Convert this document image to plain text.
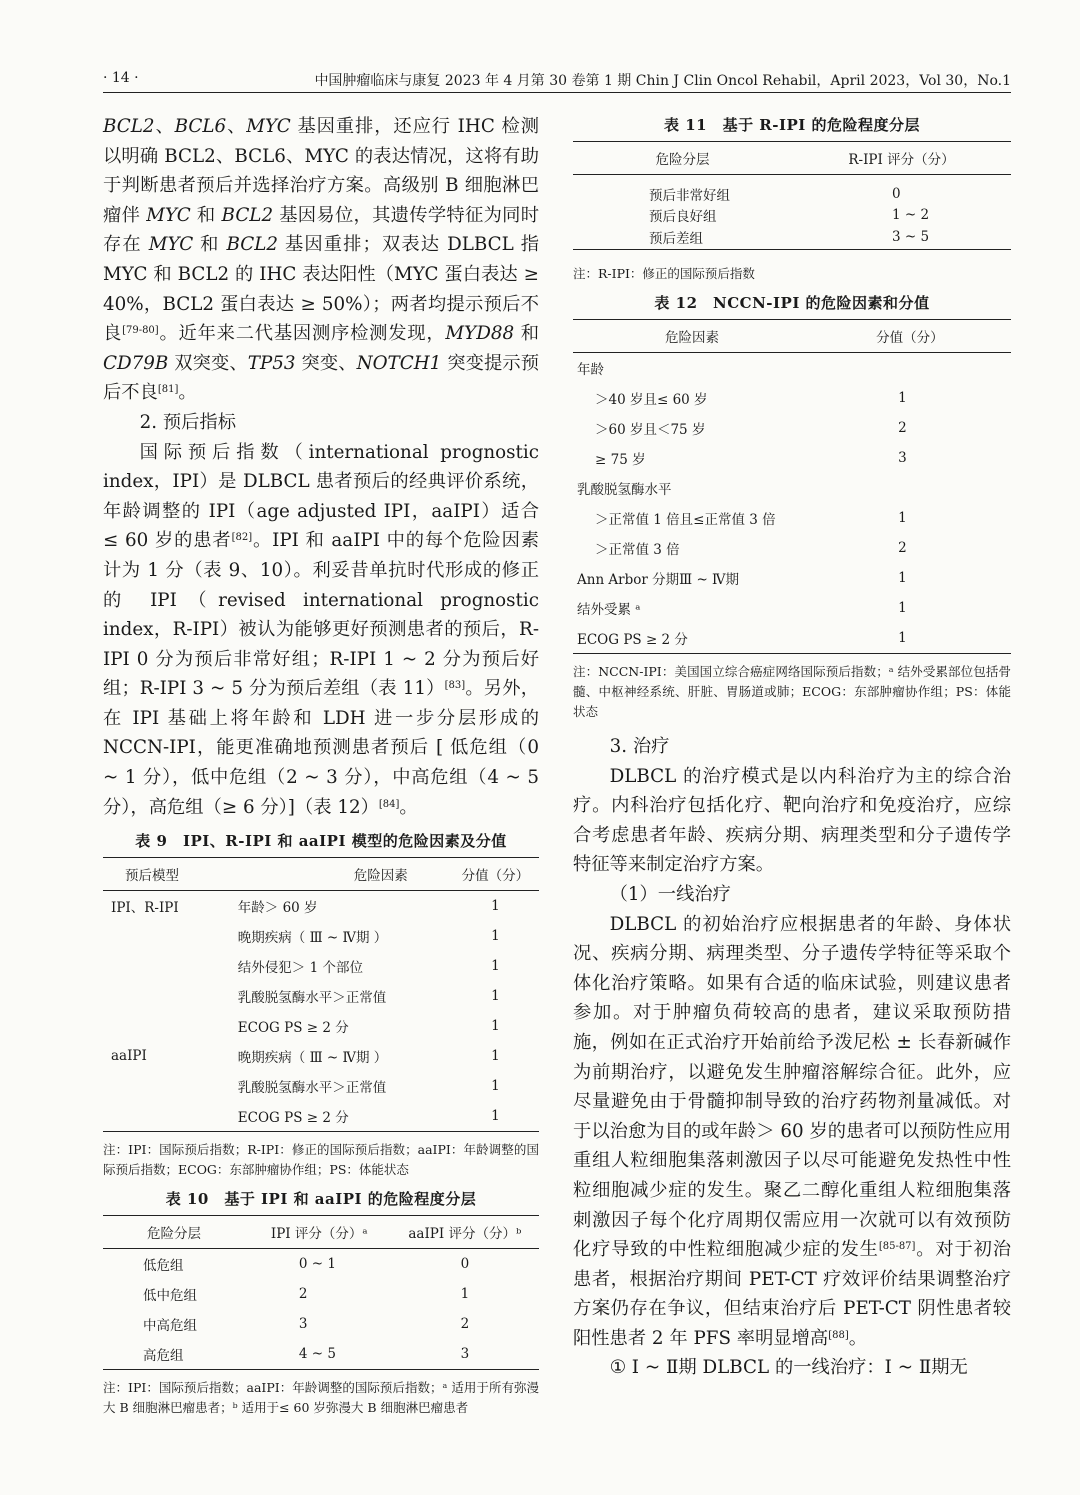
· 14 ·	中国肿瘤临床与康复 2023 年 4 月第 30 卷第 1 期 Chin J Clin Oncol Rehabil，April 2023，Vol 30，No.1

BCL2、BCL6、MYC 基因重排，还应行 IHC 检测以明确 BCL2、BCL6、MYC 的表达情况，这将有助于判断患者预后并选择治疗方案。高级别 B 细胞淋巴瘤伴 MYC 和 BCL2 基因易位，其遗传学特征为同时存在 MYC 和 BCL2 基因重排；双表达 DLBCL 指 MYC 和 BCL2 的 IHC 表达阳性（MYC 蛋白表达 ≥ 40%，BCL2 蛋白表达 ≥ 50%）；两者均提示预后不良[79-80]。近年来二代基因测序检测发现，MYD88 和 CD79B 双突变、TP53 突变、NOTCH1 突变提示预后不良[81]。

2. 预后指标

国际预后指数（international prognostic index，IPI）是 DLBCL 患者预后的经典评价系统，年龄调整的 IPI（age adjusted IPI，aaIPI）适合 ≤ 60 岁的患者[82]。IPI 和 aaIPI 中的每个危险因素计为 1 分（表 9、10）。利妥昔单抗时代形成的修正的 IPI（revised international prognostic index，R-IPI）被认为能够更好预测患者的预后，R-IPI 0 分为预后非常好组；R-IPI 1 ~ 2 分为预后好组；R-IPI 3 ~ 5 分为预后差组（表 11）[83]。另外，在 IPI 基础上将年龄和 LDH 进一步分层形成的 NCCN-IPI，能更准确地预测患者预后 [ 低危组（0 ~ 1 分），低中危组（2 ~ 3 分），中高危组（4 ~ 5 分），高危组（≥ 6 分）]（表 12）[84]。

表 9　IPI、R-IPI 和 aaIPI 模型的危险因素及分值
预后模型	危险因素	分值（分）
IPI、R-IPI	年龄＞ 60 岁	1
	晚期疾病（ Ⅲ ~ Ⅳ期 ）	1
	结外侵犯＞ 1 个部位	1
	乳酸脱氢酶水平＞正常值	1
	ECOG PS ≥ 2 分	1
aaIPI	晚期疾病（ Ⅲ ~ Ⅳ期 ）	1
	乳酸脱氢酶水平＞正常值	1
	ECOG PS ≥ 2 分	1
注：IPI：国际预后指数；R-IPI：修正的国际预后指数；aaIPI：年龄调整的国际预后指数；ECOG：东部肿瘤协作组；PS：体能状态
表 10　基于 IPI 和 aaIPI 的危险程度分层
危险分层	IPI 评分（分）ᵃ	aaIPI 评分（分）ᵇ
低危组	0 ~ 1	0
低中危组	2	1
中高危组	3	2
高危组	4 ~ 5	3
注：IPI：国际预后指数；aaIPI：年龄调整的国际预后指数；ᵃ 适用于所有弥漫大 B 细胞淋巴瘤患者；ᵇ 适用于≤ 60 岁弥漫大 B 细胞淋巴瘤患者
表 11　基于 R-IPI 的危险程度分层
危险分层	R-IPI 评分（分）
预后非常好组	0
预后良好组	1 ~ 2
预后差组	3 ~ 5
注：R-IPI：修正的国际预后指数
表 12　NCCN-IPI 的危险因素和分值
危险因素	分值（分）
年龄	
＞40 岁且≤ 60 岁	1
＞60 岁且＜75 岁	2
≥ 75 岁	3
乳酸脱氢酶水平	
＞正常值 1 倍且≤正常值 3 倍	1
＞正常值 3 倍	2
Ann Arbor 分期Ⅲ ~ Ⅳ期	1
结外受累 ᵃ	1
ECOG PS ≥ 2 分	1
注：NCCN-IPI：美国国立综合癌症网络国际预后指数；ᵃ 结外受累部位包括骨髓、中枢神经系统、肝脏、胃肠道或肺；ECOG：东部肿瘤协作组；PS：体能状态

3. 治疗

DLBCL 的治疗模式是以内科治疗为主的综合治疗。内科治疗包括化疗、靶向治疗和免疫治疗，应综合考虑患者年龄、疾病分期、病理类型和分子遗传学特征等来制定治疗方案。

（1）一线治疗

DLBCL 的初始治疗应根据患者的年龄、身体状况、疾病分期、病理类型、分子遗传学特征等采取个体化治疗策略。如果有合适的临床试验，则建议患者参加。对于肿瘤负荷较高的患者，建议采取预防措施，例如在正式治疗开始前给予泼尼松 ± 长春新碱作为前期治疗，以避免发生肿瘤溶解综合征。此外，应尽量避免由于骨髓抑制导致的治疗药物剂量减低。对于以治愈为目的或年龄＞ 60 岁的患者可以预防性应用重组人粒细胞集落刺激因子以尽可能避免发热性中性粒细胞减少症的发生。聚乙二醇化重组人粒细胞集落刺激因子每个化疗周期仅需应用一次就可以有效预防化疗导致的中性粒细胞减少症的发生[85-87]。对于初治患者，根据治疗期间 PET-CT 疗效评价结果调整治疗方案仍存在争议，但结束治疗后 PET-CT 阴性患者较阳性患者 2 年 PFS 率明显增高[88]。

① Ⅰ ~ Ⅱ期 DLBCL 的一线治疗：Ⅰ ~ Ⅱ期无
